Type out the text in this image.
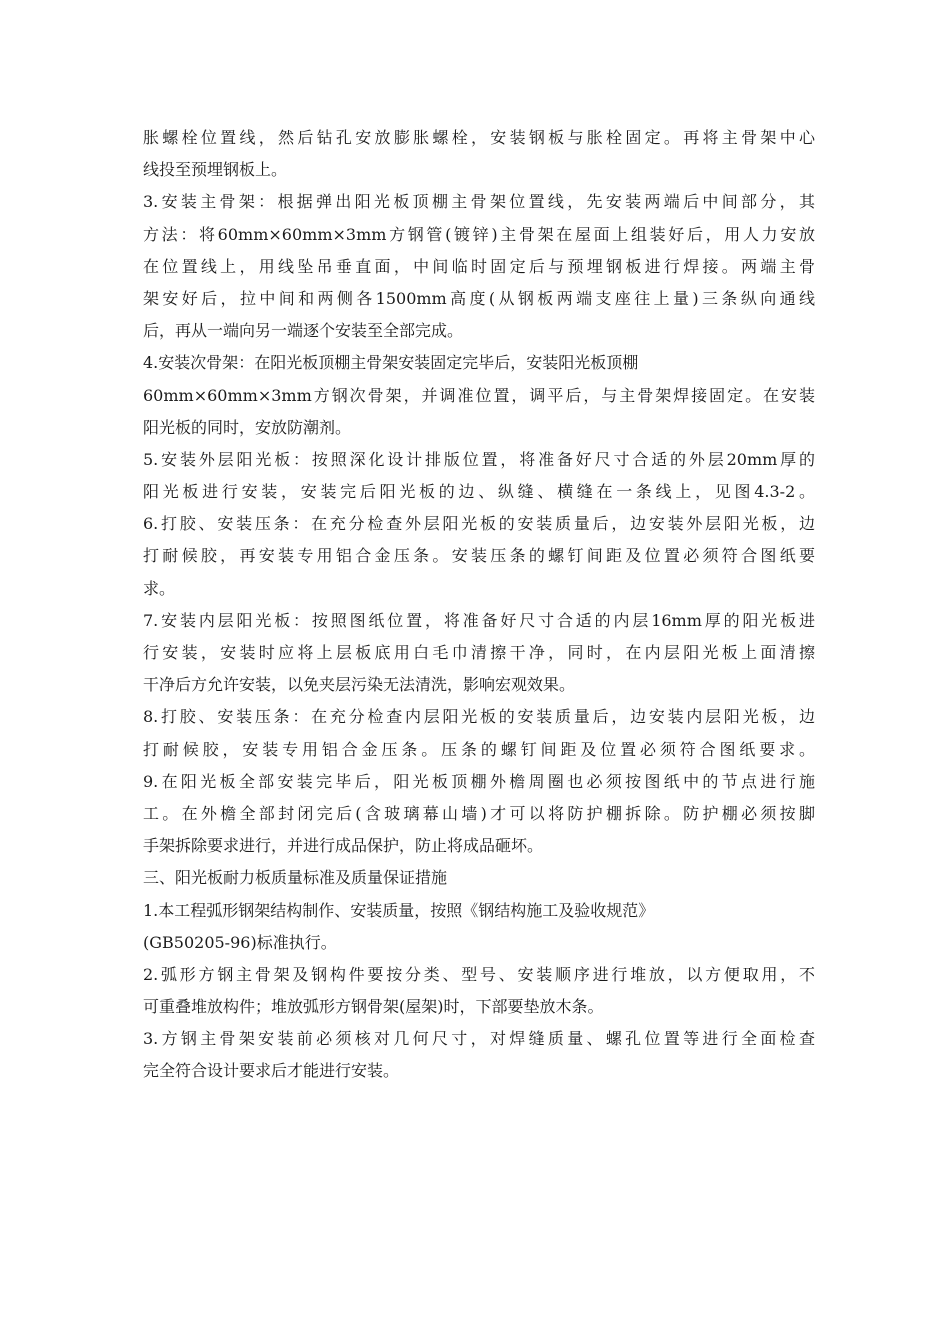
胀螺栓位置线，然后钻孔安放膨胀螺栓，安装钢板与胀栓固定。再将主骨架中心
线投至预埋钢板上。
3.安装主骨架：根据弹出阳光板顶棚主骨架位置线，先安装两端后中间部分，其
方法：将60mm×60mm×3mm方钢管(镀锌)主骨架在屋面上组装好后，用人力安放
在位置线上，用线坠吊垂直面，中间临时固定后与预埋钢板进行焊接。两端主骨
架安好后，拉中间和两侧各1500mm高度(从钢板两端支座往上量)三条纵向通线
后，再从一端向另一端逐个安装至全部完成。
4.安装次骨架：在阳光板顶棚主骨架安装固定完毕后，安装阳光板顶棚
60mm×60mm×3mm方钢次骨架，并调准位置，调平后，与主骨架焊接固定。在安装
阳光板的同时，安放防潮剂。
5.安装外层阳光板：按照深化设计排版位置，将准备好尺寸合适的外层20mm厚的
阳光板进行安装，安装完后阳光板的边、纵缝、横缝在一条线上，见图4.3-2。
6.打胶、安装压条：在充分检查外层阳光板的安装质量后，边安装外层阳光板，边
打耐候胶，再安装专用铝合金压条。安装压条的螺钉间距及位置必须符合图纸要
求。
7.安装内层阳光板：按照图纸位置，将准备好尺寸合适的内层16mm厚的阳光板进
行安装，安装时应将上层板底用白毛巾清擦干净，同时，在内层阳光板上面清擦
干净后方允许安装，以免夹层污染无法清洗，影响宏观效果。
8.打胶、安装压条：在充分检查内层阳光板的安装质量后，边安装内层阳光板，边
打耐候胶，安装专用铝合金压条。压条的螺钉间距及位置必须符合图纸要求。
9.在阳光板全部安装完毕后，阳光板顶棚外檐周圈也必须按图纸中的节点进行施
工。在外檐全部封闭完后(含玻璃幕山墙)才可以将防护棚拆除。防护棚必须按脚
手架拆除要求进行，并进行成品保护，防止将成品砸坏。
三、阳光板耐力板质量标准及质量保证措施
1.本工程弧形钢架结构制作、安装质量，按照《钢结构施工及验收规范》
(GB50205-96)标准执行。
2.弧形方钢主骨架及钢构件要按分类、型号、安装顺序进行堆放，以方便取用，不
可重叠堆放构件；堆放弧形方钢骨架(屋架)时，下部要垫放木条。
3.方钢主骨架安装前必须核对几何尺寸，对焊缝质量、螺孔位置等进行全面检查
完全符合设计要求后才能进行安装。
